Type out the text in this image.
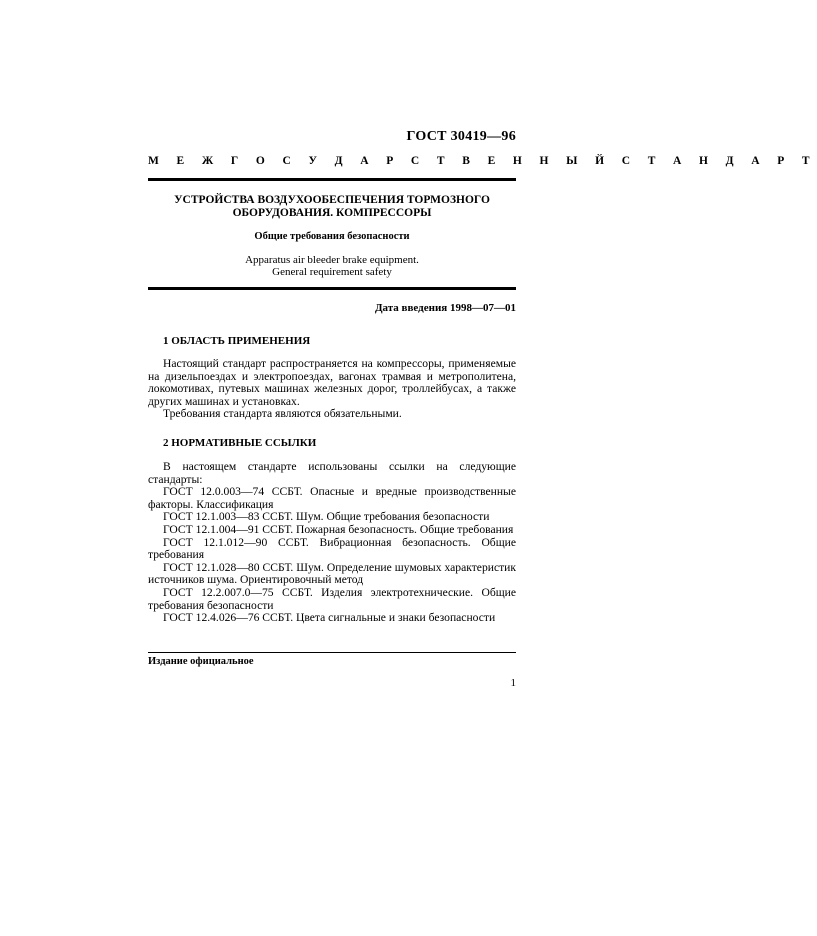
ГОСТ 30419—96
М Е Ж Г О С У Д А Р С Т В Е Н Н Ы Й С Т А Н Д А Р Т
УСТРОЙСТВА ВОЗДУХООБЕСПЕЧЕНИЯ ТОРМОЗНОГО
ОБОРУДОВАНИЯ. КОМПРЕССОРЫ
Общие требования безопасности
Apparatus air bleeder brake equipment.
General requirement safety
Дата введения 1998—07—01
1 ОБЛАСТЬ ПРИМЕНЕНИЯ

Настоящий стандарт распространяется на компрессоры, применяемые на дизельпоездах и электропоездах, вагонах трамвая и метрополитена, локомотивах, путевых машинах железных дорог, троллейбусах, а также других машинах и установках.

Требования стандарта являются обязательными.

2 НОРМАТИВНЫЕ ССЫЛКИ

В настоящем стандарте использованы ссылки на следующие стандарты:

ГОСТ 12.0.003—74 ССБТ. Опасные и вредные производственные факторы. Классификация

ГОСТ 12.1.003—83 ССБТ. Шум. Общие требования безопасности

ГОСТ 12.1.004—91 ССБТ. Пожарная безопасность. Общие требования

ГОСТ 12.1.012—90 ССБТ. Вибрационная безопасность. Общие требования

ГОСТ 12.1.028—80 ССБТ. Шум. Определение шумовых характеристик источников шума. Ориентировочный метод

ГОСТ 12.2.007.0—75 ССБТ. Изделия электротехнические. Общие требования безопасности

ГОСТ 12.4.026—76 ССБТ. Цвета сигнальные и знаки безопасности

Издание официальное
1
